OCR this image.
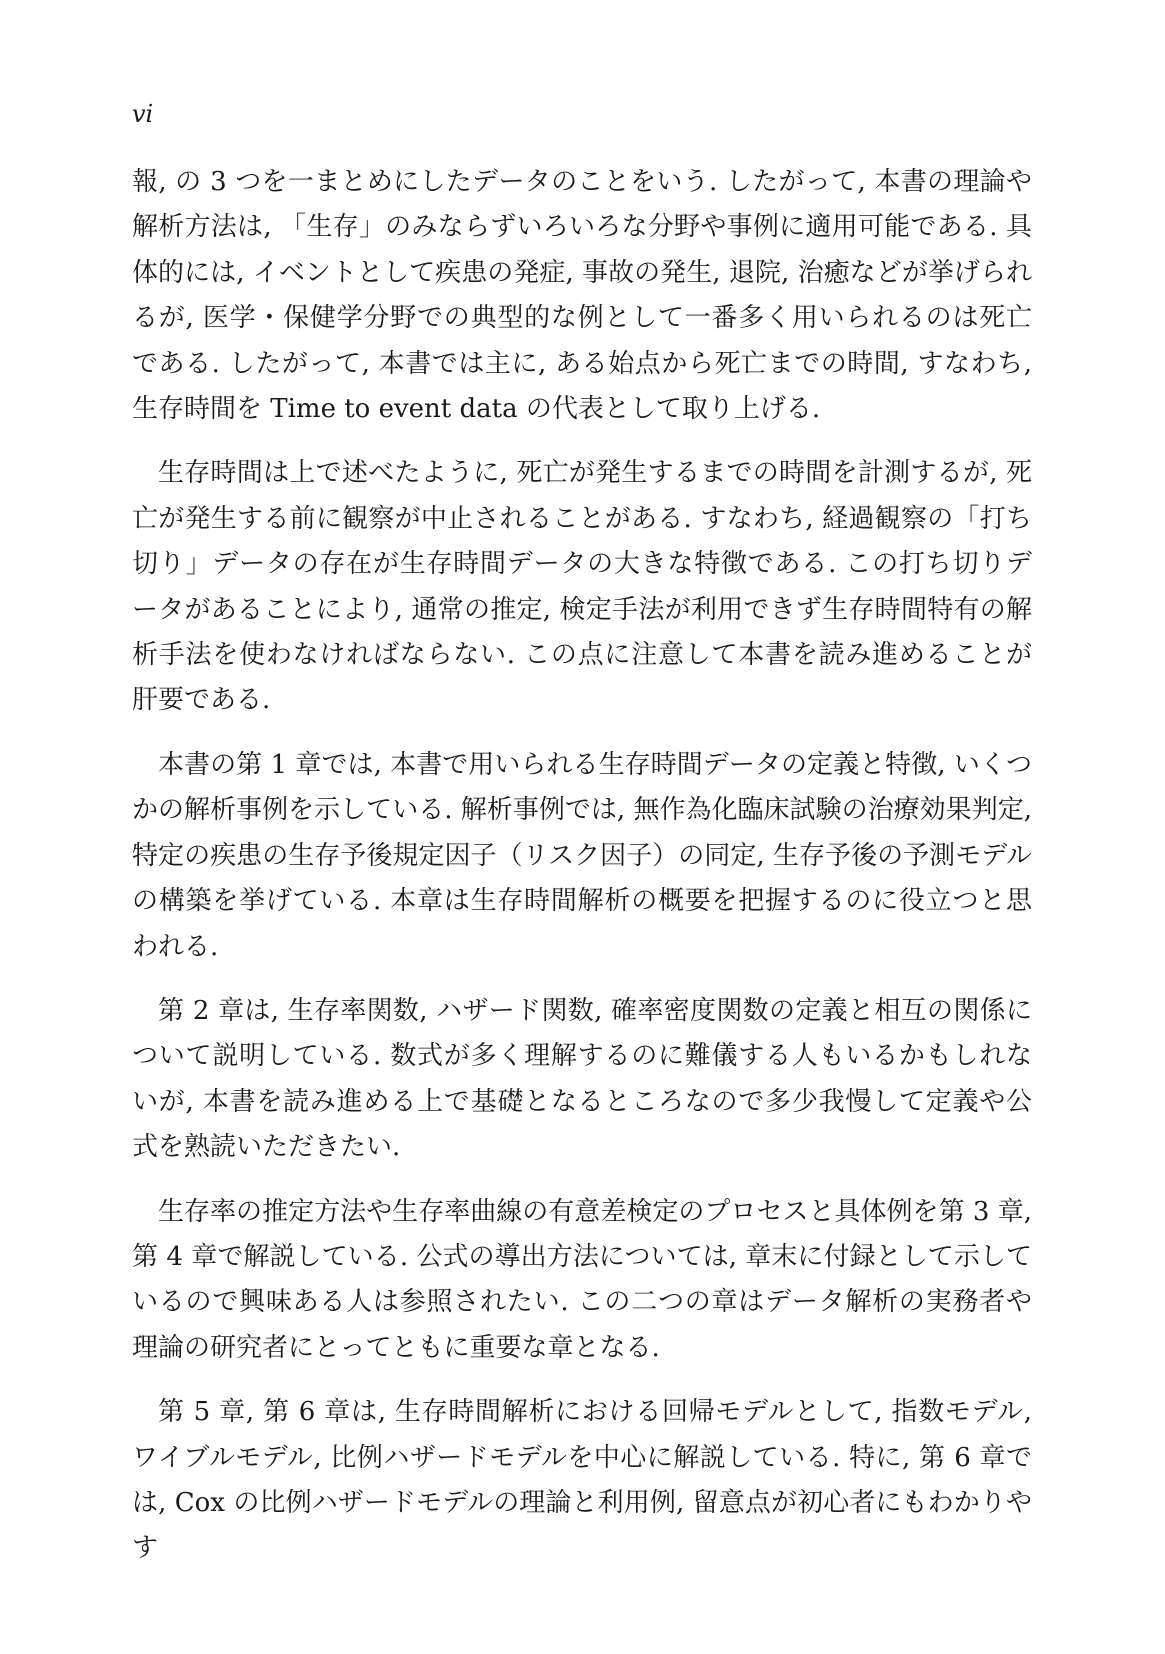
vi

報, の 3 つを一まとめにしたデータのことをいう. したがって, 本書の理論や解析方法は, 「生存」のみならずいろいろな分野や事例に適用可能である. 具体的には, イベントとして疾患の発症, 事故の発生, 退院, 治癒などが挙げられるが, 医学・保健学分野での典型的な例として一番多く用いられるのは死亡である. したがって, 本書では主に, ある始点から死亡までの時間, すなわち, 生存時間を Time to event data の代表として取り上げる.

生存時間は上で述べたように, 死亡が発生するまでの時間を計測するが, 死亡が発生する前に観察が中止されることがある. すなわち, 経過観察の「打ち切り」データの存在が生存時間データの大きな特徴である. この打ち切りデータがあることにより, 通常の推定, 検定手法が利用できず生存時間特有の解析手法を使わなければならない. この点に注意して本書を読み進めることが肝要である.

本書の第 1 章では, 本書で用いられる生存時間データの定義と特徴, いくつかの解析事例を示している. 解析事例では, 無作為化臨床試験の治療効果判定, 特定の疾患の生存予後規定因子（リスク因子）の同定, 生存予後の予測モデルの構築を挙げている. 本章は生存時間解析の概要を把握するのに役立つと思われる.

第 2 章は, 生存率関数, ハザード関数, 確率密度関数の定義と相互の関係について説明している. 数式が多く理解するのに難儀する人もいるかもしれないが, 本書を読み進める上で基礎となるところなので多少我慢して定義や公式を熟読いただきたい.

生存率の推定方法や生存率曲線の有意差検定のプロセスと具体例を第 3 章, 第 4 章で解説している. 公式の導出方法については, 章末に付録として示しているので興味ある人は参照されたい. この二つの章はデータ解析の実務者や理論の研究者にとってともに重要な章となる.

第 5 章, 第 6 章は, 生存時間解析における回帰モデルとして, 指数モデル, ワイブルモデル, 比例ハザードモデルを中心に解説している. 特に, 第 6 章では, Cox の比例ハザードモデルの理論と利用例, 留意点が初心者にもわかりやす
